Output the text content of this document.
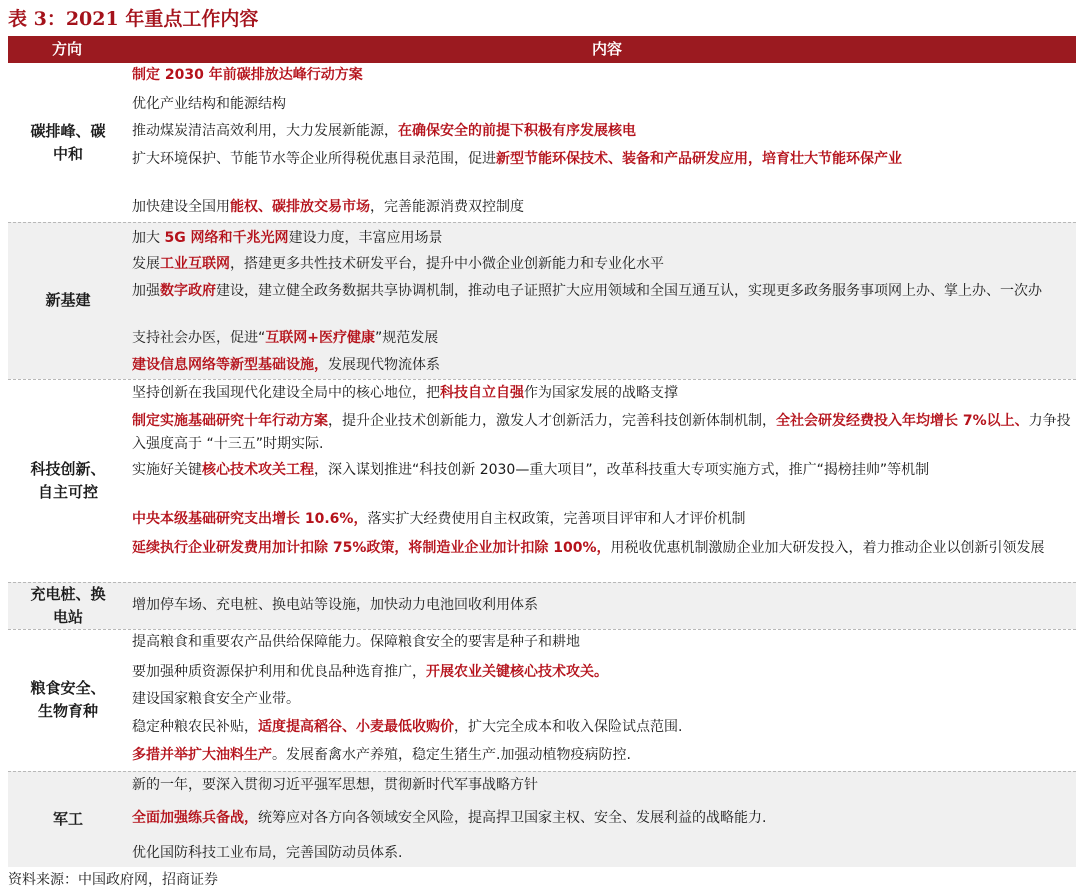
表 3：2021 年重点工作内容
方向	内容
碳排峰、碳
中和
制定 2030 年前碳排放达峰行动方案
优化产业结构和能源结构
推动煤炭清洁高效利用，大力发展新能源，在确保安全的前提下积极有序发展核电
扩大环境保护、节能节水等企业所得税优惠目录范围，促进新型节能环保技术、装备和产品研发应用，培育壮大节能环保产业
加快建设全国用能权、碳排放交易市场，完善能源消费双控制度
新基建
加大 5G 网络和千兆光网建设力度，丰富应用场景
发展工业互联网，搭建更多共性技术研发平台，提升中小微企业创新能力和专业化水平
加强数字政府建设，建立健全政务数据共享协调机制，推动电子证照扩大应用领域和全国互通互认，实现更多政务服务事项网上办、掌上办、一次办
支持社会办医，促进“互联网+医疗健康”规范发展
建设信息网络等新型基础设施，发展现代物流体系
科技创新、
自主可控
坚持创新在我国现代化建设全局中的核心地位，把科技自立自强作为国家发展的战略支撑
制定实施基础研究十年行动方案，提升企业技术创新能力，激发人才创新活力，完善科技创新体制机制，全社会研发经费投入年均增长 7%以上、力争投入强度高于 “十三五”时期实际.
实施好关键核心技术攻关工程，深入谋划推进“科技创新 2030—重大项目”，改革科技重大专项实施方式，推广“揭榜挂帅”等机制
中央本级基础研究支出增长 10.6%，落实扩大经费使用自主权政策，完善项目评审和人才评价机制
延续执行企业研发费用加计扣除 75%政策，将制造业企业加计扣除 100%，用税收优惠机制激励企业加大研发投入，着力推动企业以创新引领发展
充电桩、换
电站
增加停车场、充电桩、换电站等设施，加快动力电池回收利用体系
粮食安全、
生物育种
提高粮食和重要农产品供给保障能力。保障粮食安全的要害是种子和耕地
要加强种质资源保护利用和优良品种选育推广，开展农业关键核心技术攻关。
建设国家粮食安全产业带。
稳定种粮农民补贴，适度提高稻谷、小麦最低收购价，扩大完全成本和收入保险试点范围.
多措并举扩大油料生产。发展畜禽水产养殖，稳定生猪生产.加强动植物疫病防控.
军工
新的一年，要深入贯彻习近平强军思想，贯彻新时代军事战略方针
全面加强练兵备战，统筹应对各方向各领域安全风险，提高捍卫国家主权、安全、发展利益的战略能力.
优化国防科技工业布局，完善国防动员体系.
资料来源：中国政府网，招商证券
